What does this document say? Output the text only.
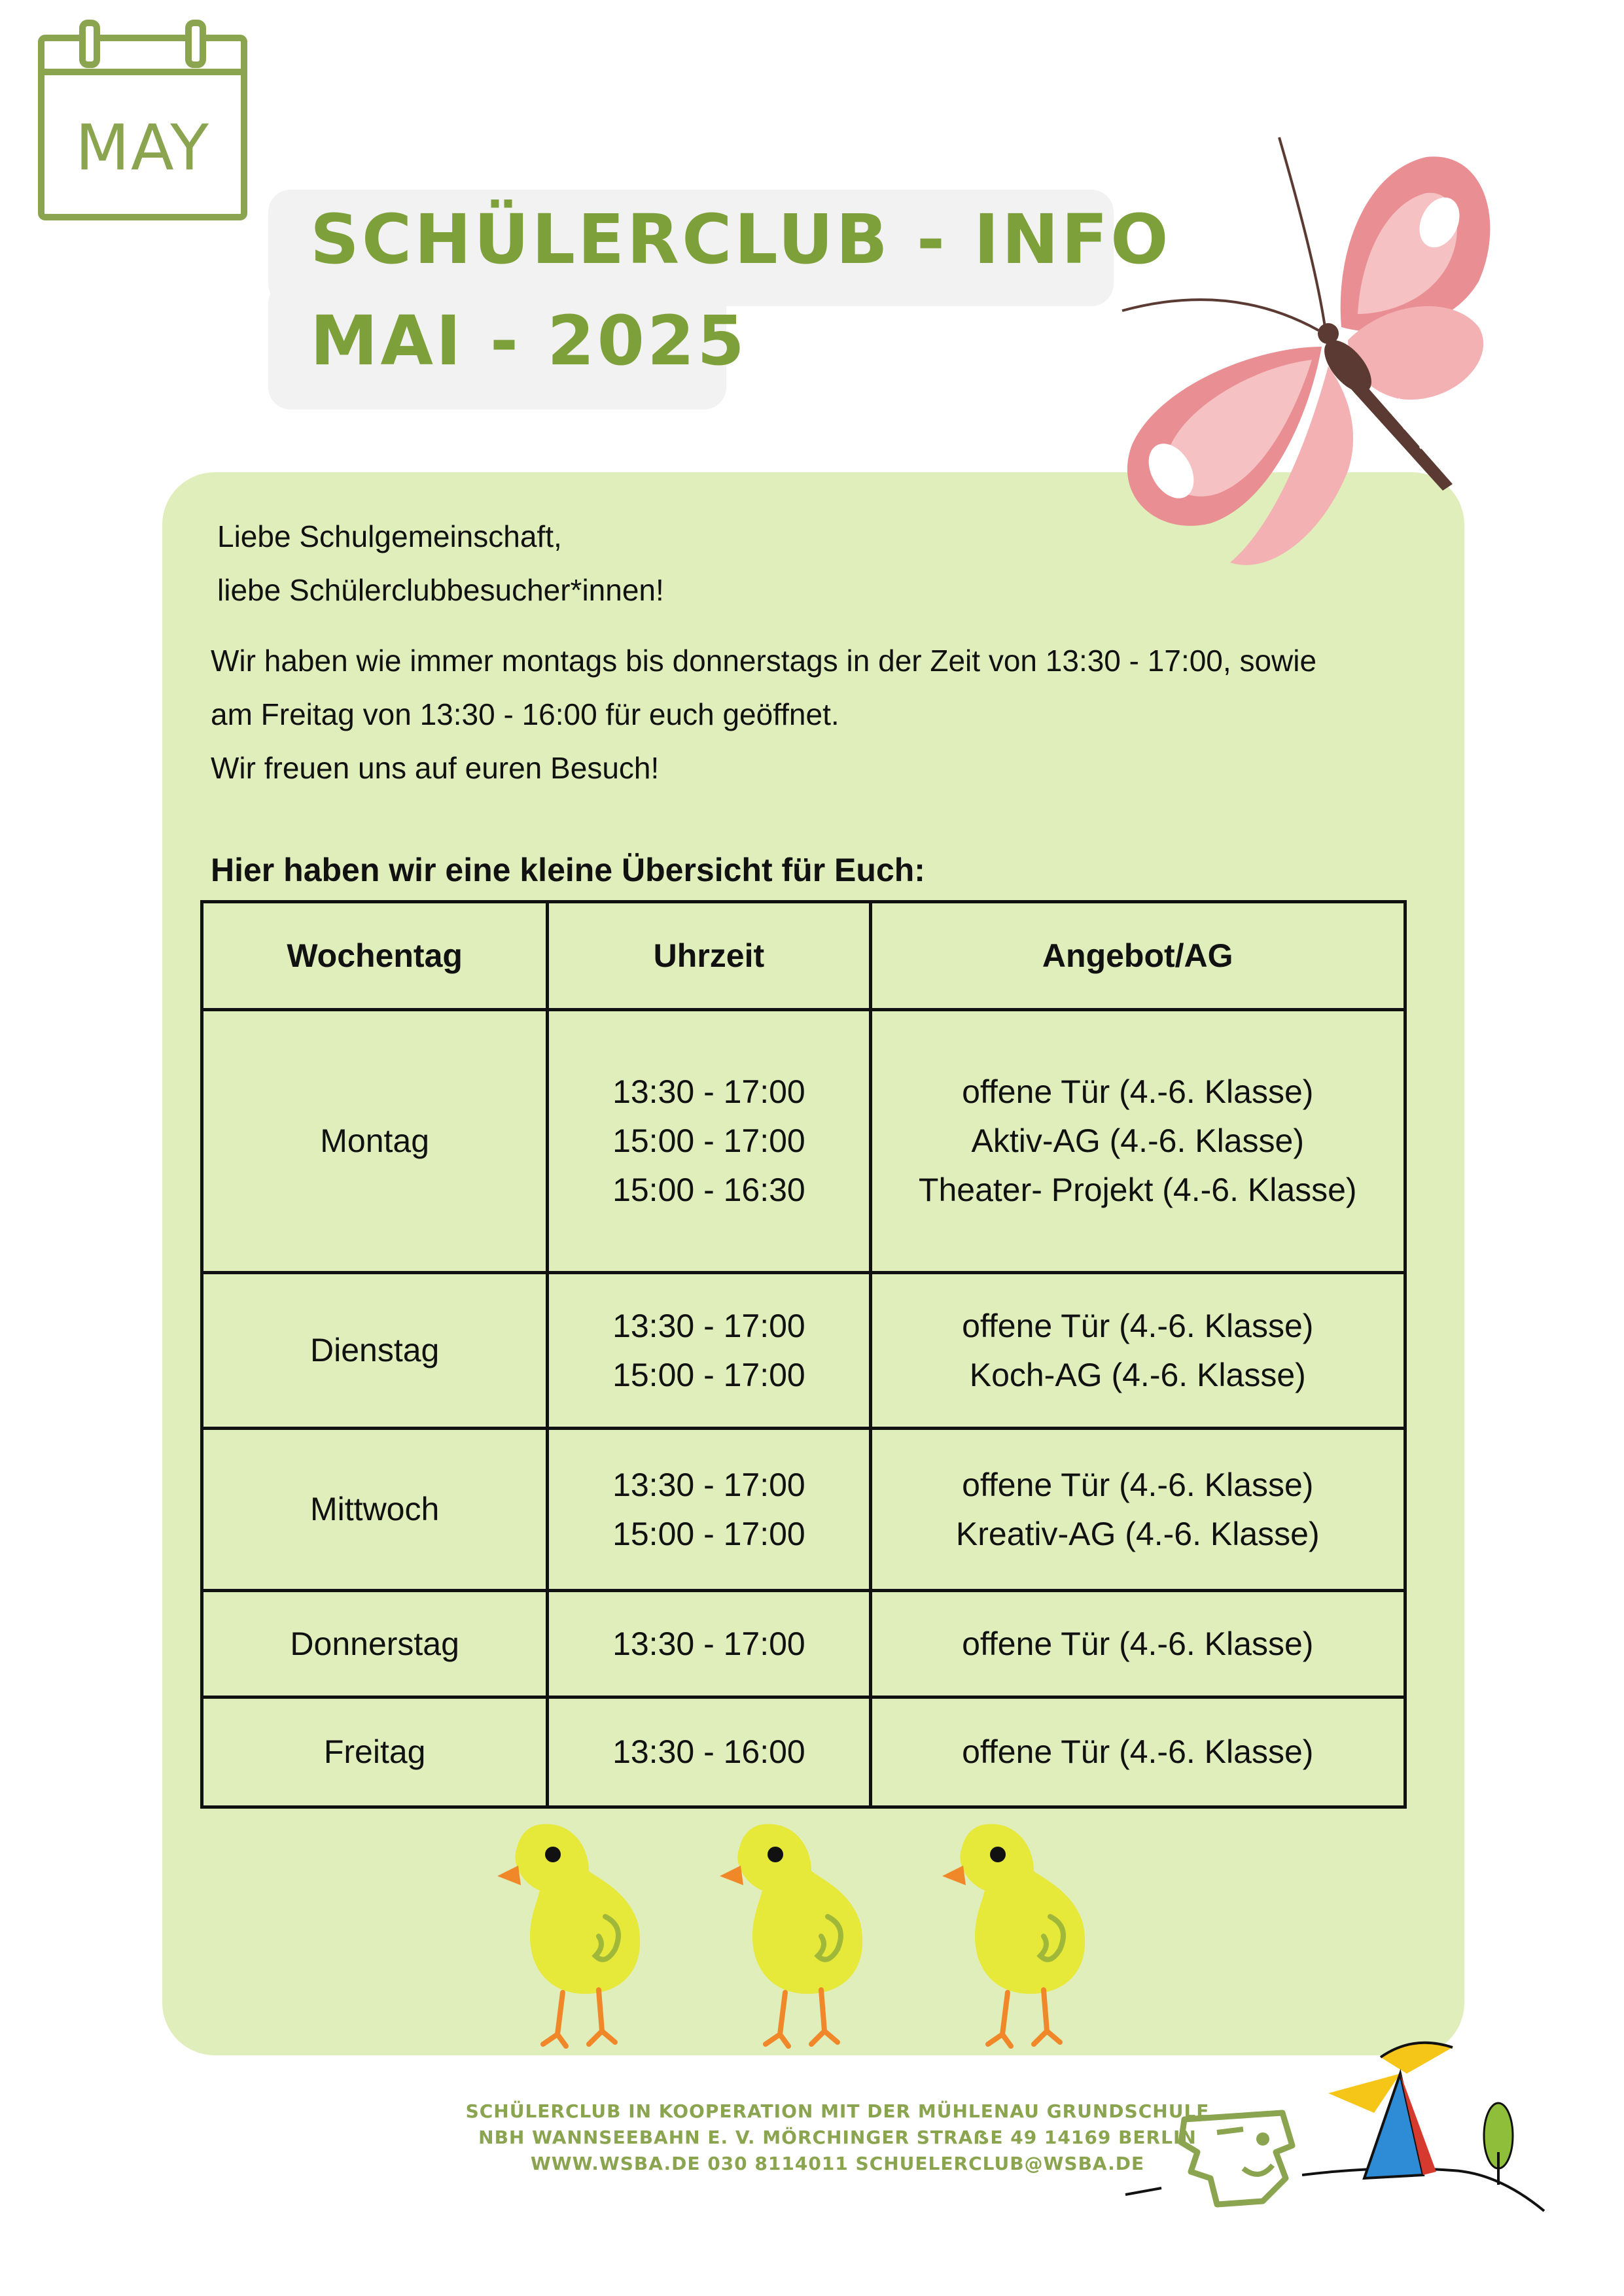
MAY
SCHÜLERCLUB - INFO
MAI - 2025
Liebe Schulgemeinschaft,
liebe Schülerclubbesucher*innen!
Wir haben wie immer montags bis donnerstags in der Zeit von 13:30 - 17:00, sowie
am Freitag von 13:30 - 16:00 für euch geöffnet.
Wir freuen uns auf euren Besuch!
Hier haben wir eine kleine Übersicht für Euch:
Wochentag	Uhrzeit	Angebot/AG
Montag	13:30 - 17:00
15:00 - 17:00
15:00 - 16:30	offene Tür (4.-6. Klasse)
Aktiv-AG (4.-6. Klasse)
Theater- Projekt (4.-6. Klasse)

Dienstag	13:30 - 17:00
15:00 - 17:00	offene Tür (4.-6. Klasse)
Koch-AG (4.-6. Klasse)

Mittwoch	13:30 - 17:00
15:00 - 17:00	offene Tür (4.-6. Klasse)
Kreativ-AG (4.-6. Klasse)

Donnerstag	13:30 - 17:00	offene Tür (4.-6. Klasse)

Freitag	13:30 - 16:00	offene Tür (4.-6. Klasse)
SCHÜLERCLUB IN KOOPERATION MIT DER MÜHLENAU GRUNDSCHULE
NBH WANNSEEBAHN E. V. MÖRCHINGER STRAẞE 49 14169 BERLIN
WWW.WSBA.DE 030 8114011 SCHUELERCLUB@WSBA.DE
